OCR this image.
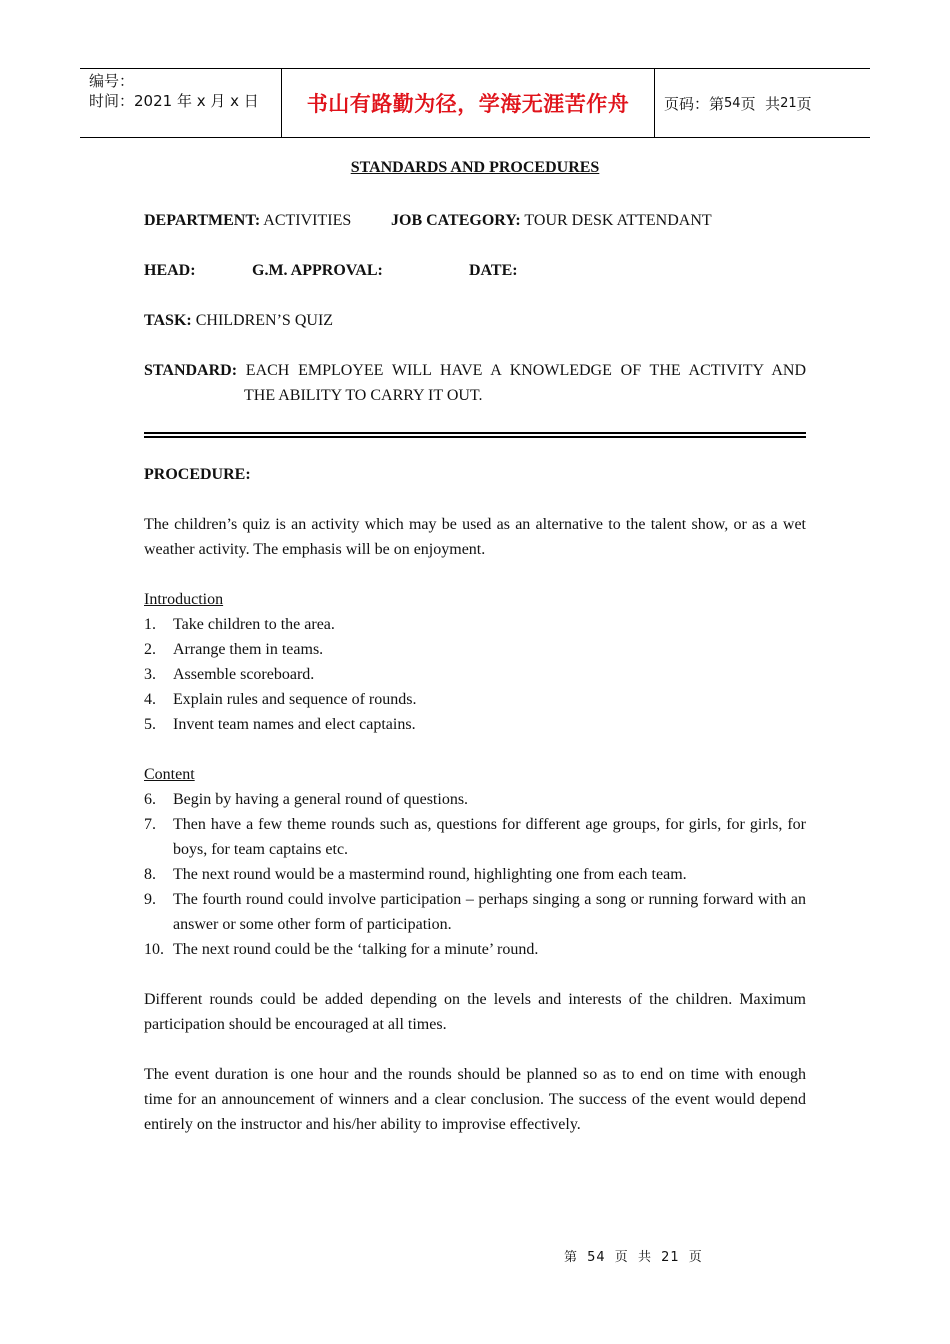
编号：
时间：2021 年 x 月 x 日	书山有路勤为径，学海无涯苦作舟 页码：第 54 页  共 21 页
STANDARDS AND PROCEDURES
DEPARTMENT: ACTIVITIES JOB CATEGORY: TOUR DESK ATTENDANT
HEAD:	G.M. APPROVAL:	DATE:
TASK: CHILDREN’S QUIZ
STANDARD: EACH EMPLOYEE WILL HAVE A KNOWLEDGE OF THE ACTIVITY AND
THE ABILITY TO CARRY IT OUT.
PROCEDURE:

The children’s quiz is an activity which may be used as an alternative to the talent show, or as a wet weather activity. The emphasis will be on enjoyment.

Introduction
1.	Take children to the area.
2.	Arrange them in teams.
3.	Assemble scoreboard.
4.	Explain rules and sequence of rounds.
5.	Invent team names and elect captains.
Content
6.	Begin by having a general round of questions.
7.	Then have a few theme rounds such as, questions for different age groups, for girls, for girls, for boys, for team captains etc.
8.	The next round would be a mastermind round, highlighting one from each team.
9.	The fourth round could involve participation – perhaps singing a song or running forward with an answer or some other form of participation.
10. The next round could be the ‘talking for a minute’ round.

Different rounds could be added depending on the levels and interests of the children. Maximum participation should be encouraged at all times.

The event duration is one hour and the rounds should be planned so as to end on time with enough time for an announcement of winners and a clear conclusion. The success of the event would depend entirely on the instructor and his/her ability to improvise effectively.

第 54 页 共 21 页
